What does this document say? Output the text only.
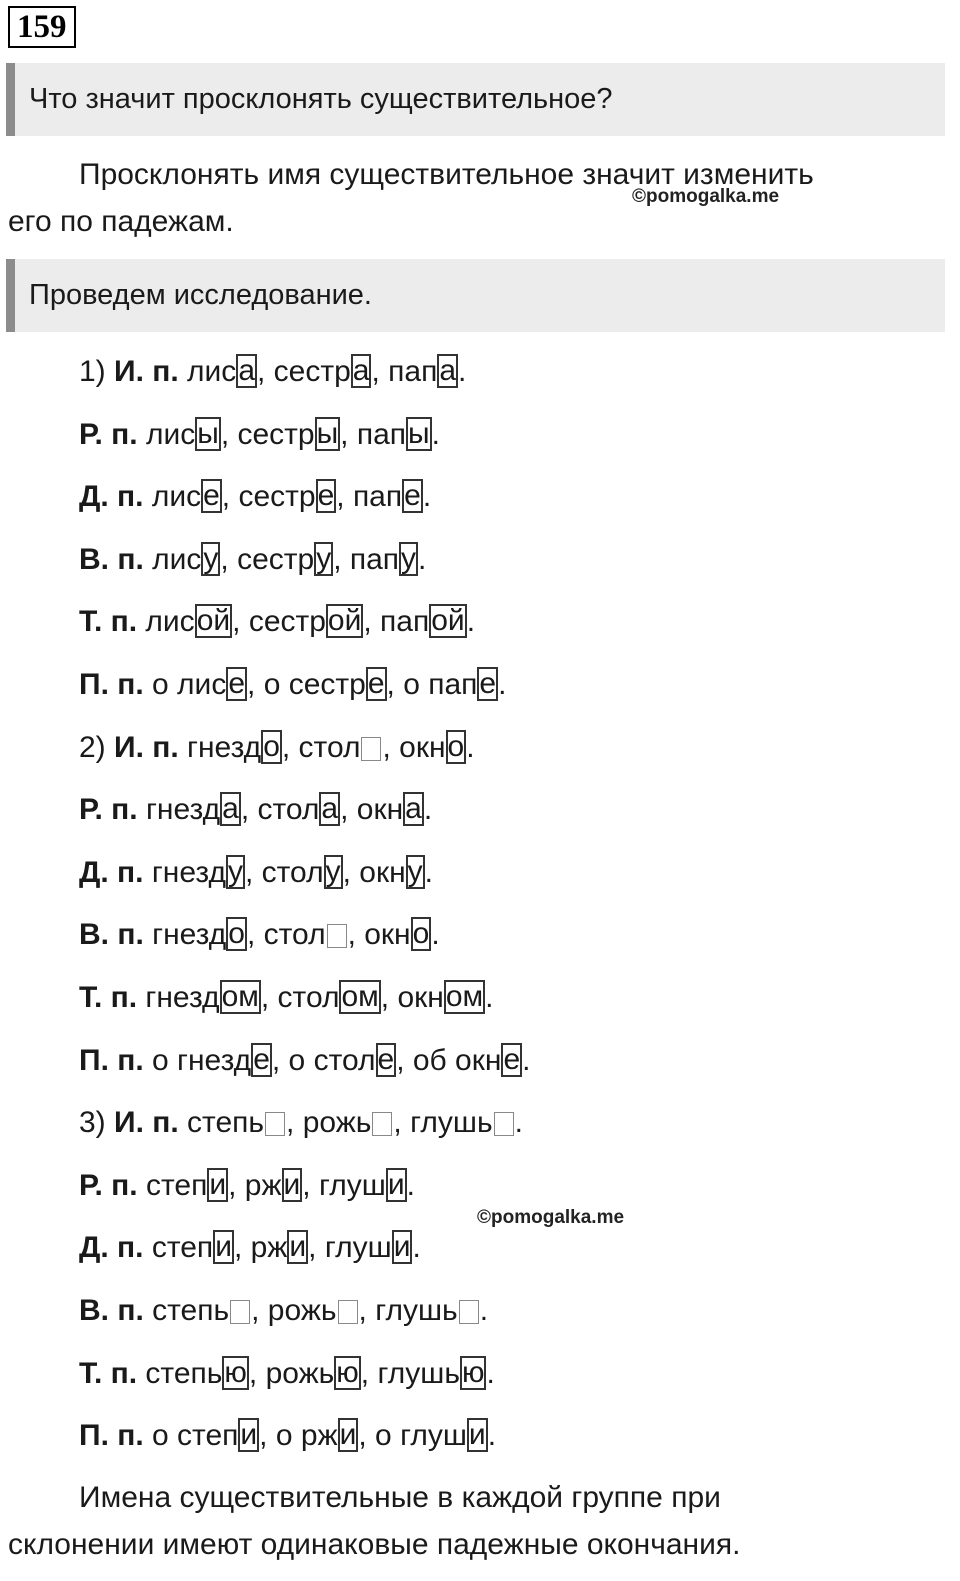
159
Что значит просклонять существительное?
Просклонять имя существительное значит изменить
©pomogalka.me
его по падежам.
Проведем исследование.
1) И. п. лиса, сестра, папа.
Р. п. лисы, сестры, папы.
Д. п. лисе, сестре, папе.
В. п. лису, сестру, папу.
Т. п. лисой, сестрой, папой.
П. п. о лисе, о сестре, о папе.
2) И. п. гнездо, стол , окно.
Р. п. гнезда, стола, окна.
Д. п. гнезду, столу, окну.
В. п. гнездо, стол , окно.
Т. п. гнездом, столом, окном.
П. п. о гнезде, о столе, об окне.
3) И. п. степь , рожь , глушь .
Р. п. степи, ржи, глуши.
Д. п. степи, ржи, глуши.
В. п. степь , рожь , глушь .
Т. п. степью, рожью, глушью.
П. п. о степи, о ржи, о глуши.
©pomogalka.me
Имена существительные в каждой группе при
склонении имеют одинаковые падежные окончания.
